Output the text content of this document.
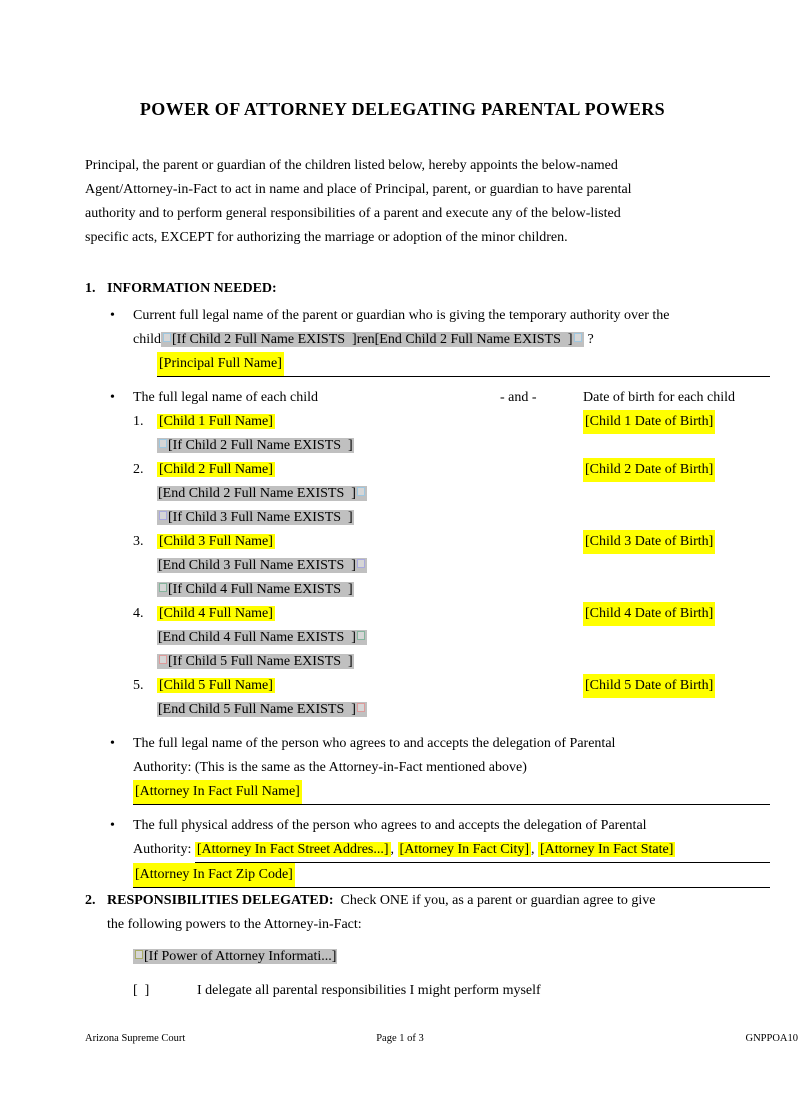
POWER OF ATTORNEY DELEGATING PARENTAL POWERS
Principal, the parent or guardian of the children listed below, hereby appoints the below-named
Agent/Attorney-in-Fact to act in name and place of Principal, parent, or guardian to have parental
authority and to perform general responsibilities of a parent and execute any of the below-listed
specific acts, EXCEPT for authorizing the marriage or adoption of the minor children.
1. INFORMATION NEEDED:
•
Current full legal name of the parent or guardian who is giving the temporary authority over the
child [If Child 2 Full Name EXISTS  ]ren[End Child 2 Full Name EXISTS  ] ?
[Principal Full Name]
•
The full legal name of each child	- and -	Date of birth for each child
1. [Child 1 Full Name]	[Child 1 Date of Birth]
[If Child 2 Full Name EXISTS  ]
2. [Child 2 Full Name]	[Child 2 Date of Birth]
[End Child 2 Full Name EXISTS  ]
[If Child 3 Full Name EXISTS  ]
3. [Child 3 Full Name]	[Child 3 Date of Birth]
[End Child 3 Full Name EXISTS  ]
[If Child 4 Full Name EXISTS  ]
4. [Child 4 Full Name]	[Child 4 Date of Birth]
[End Child 4 Full Name EXISTS  ]
[If Child 5 Full Name EXISTS  ]
5. [Child 5 Full Name]	[Child 5 Date of Birth]
[End Child 5 Full Name EXISTS  ]
•
The full legal name of the person who agrees to and accepts the delegation of Parental
Authority: (This is the same as the Attorney-in-Fact mentioned above)
[Attorney In Fact Full Name]
•
The full physical address of the person who agrees to and accepts the delegation of Parental
Authority: [Attorney In Fact Street Addres...] , [Attorney In Fact City] , [Attorney In Fact State]
[Attorney In Fact Zip Code]
2. RESPONSIBILITIES DELEGATED: Check ONE if you, as a parent or guardian agree to give
the following powers to the Attorney-in-Fact:
[If Power of Attorney Informati...]
[  ]	I delegate all parental responsibilities I might perform myself
Arizona Supreme Court	Page 1 of 3	GNPPOA10
